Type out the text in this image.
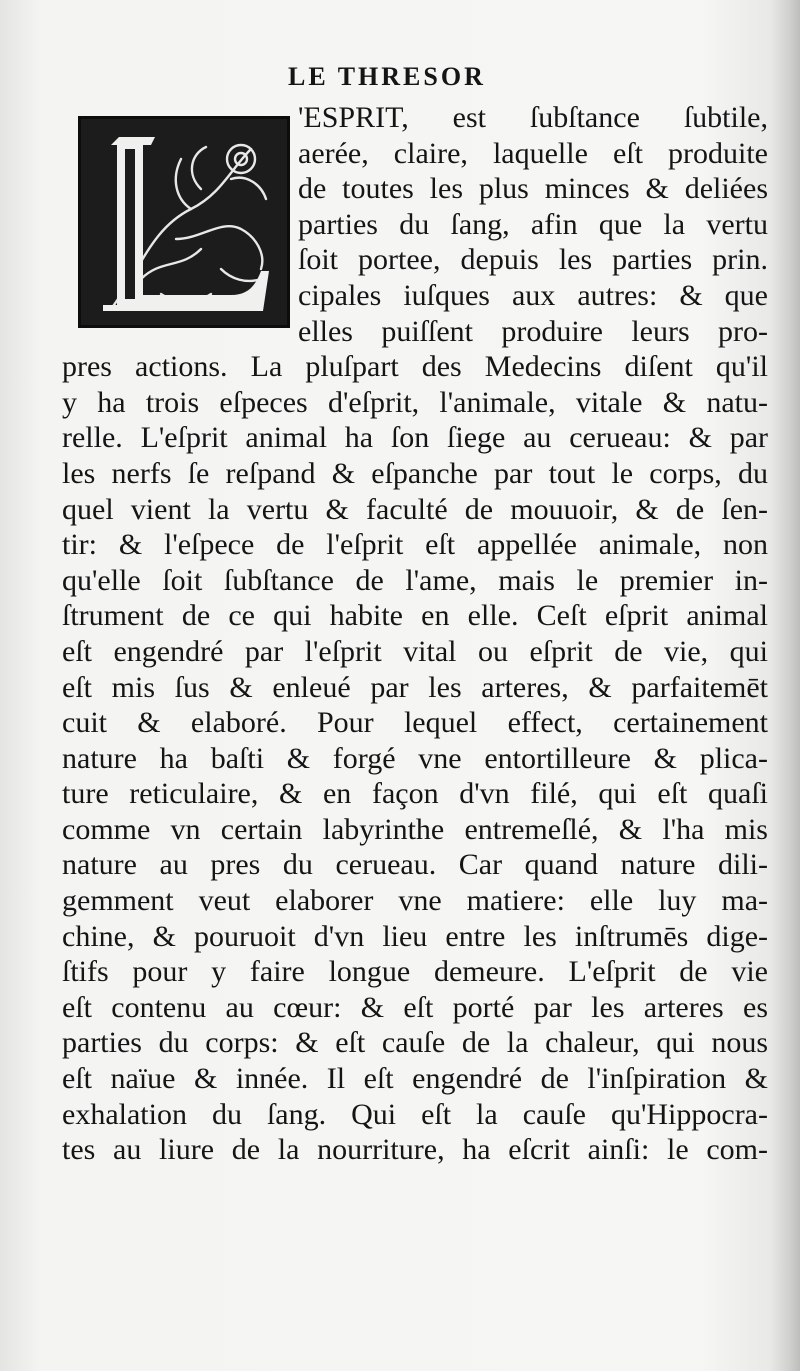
LE THRESOR
'ESPRIT, est ſubſtance ſubtile,
aerée, claire, laquelle eſt produite
de toutes les plus minces & deliées
parties du ſang, afin que la vertu
ſoit portee, depuis les parties prin.
cipales iuſques aux autres: & que
elles puiſſent produire leurs pro-
pres actions. La pluſpart des Medecins diſent qu'il
y ha trois eſpeces d'eſprit, l'animale, vitale & natu-
relle. L'eſprit animal ha ſon ſiege au cerueau: & par
les nerfs ſe reſpand & eſpanche par tout le corps, du
quel vient la vertu & faculté de mouuoir, & de ſen-
tir: & l'eſpece de l'eſprit eſt appellée animale, non
qu'elle ſoit ſubſtance de l'ame, mais le premier in-
ſtrument de ce qui habite en elle. Ceſt eſprit animal
eſt engendré par l'eſprit vital ou eſprit de vie, qui
eſt mis ſus & enleué par les arteres, & parfaitemēt
cuit & elaboré. Pour lequel effect, certainement
nature ha baſti & forgé vne entortilleure & plica-
ture reticulaire, & en façon d'vn filé, qui eſt quaſi
comme vn certain labyrinthe entremeſlé, & l'ha mis
nature au pres du cerueau. Car quand nature dili-
gemment veut elaborer vne matiere: elle luy ma-
chine, & pouruoit d'vn lieu entre les inſtrumēs dige-
ſtifs pour y faire longue demeure. L'eſprit de vie
eſt contenu au cœur: & eſt porté par les arteres es
parties du corps: & eſt cauſe de la chaleur, qui nous
eſt naïue & innée. Il eſt engendré de l'inſpiration &
exhalation du ſang. Qui eſt la cauſe qu'Hippocra-
tes au liure de la nourriture, ha eſcrit ainſi: le com-
